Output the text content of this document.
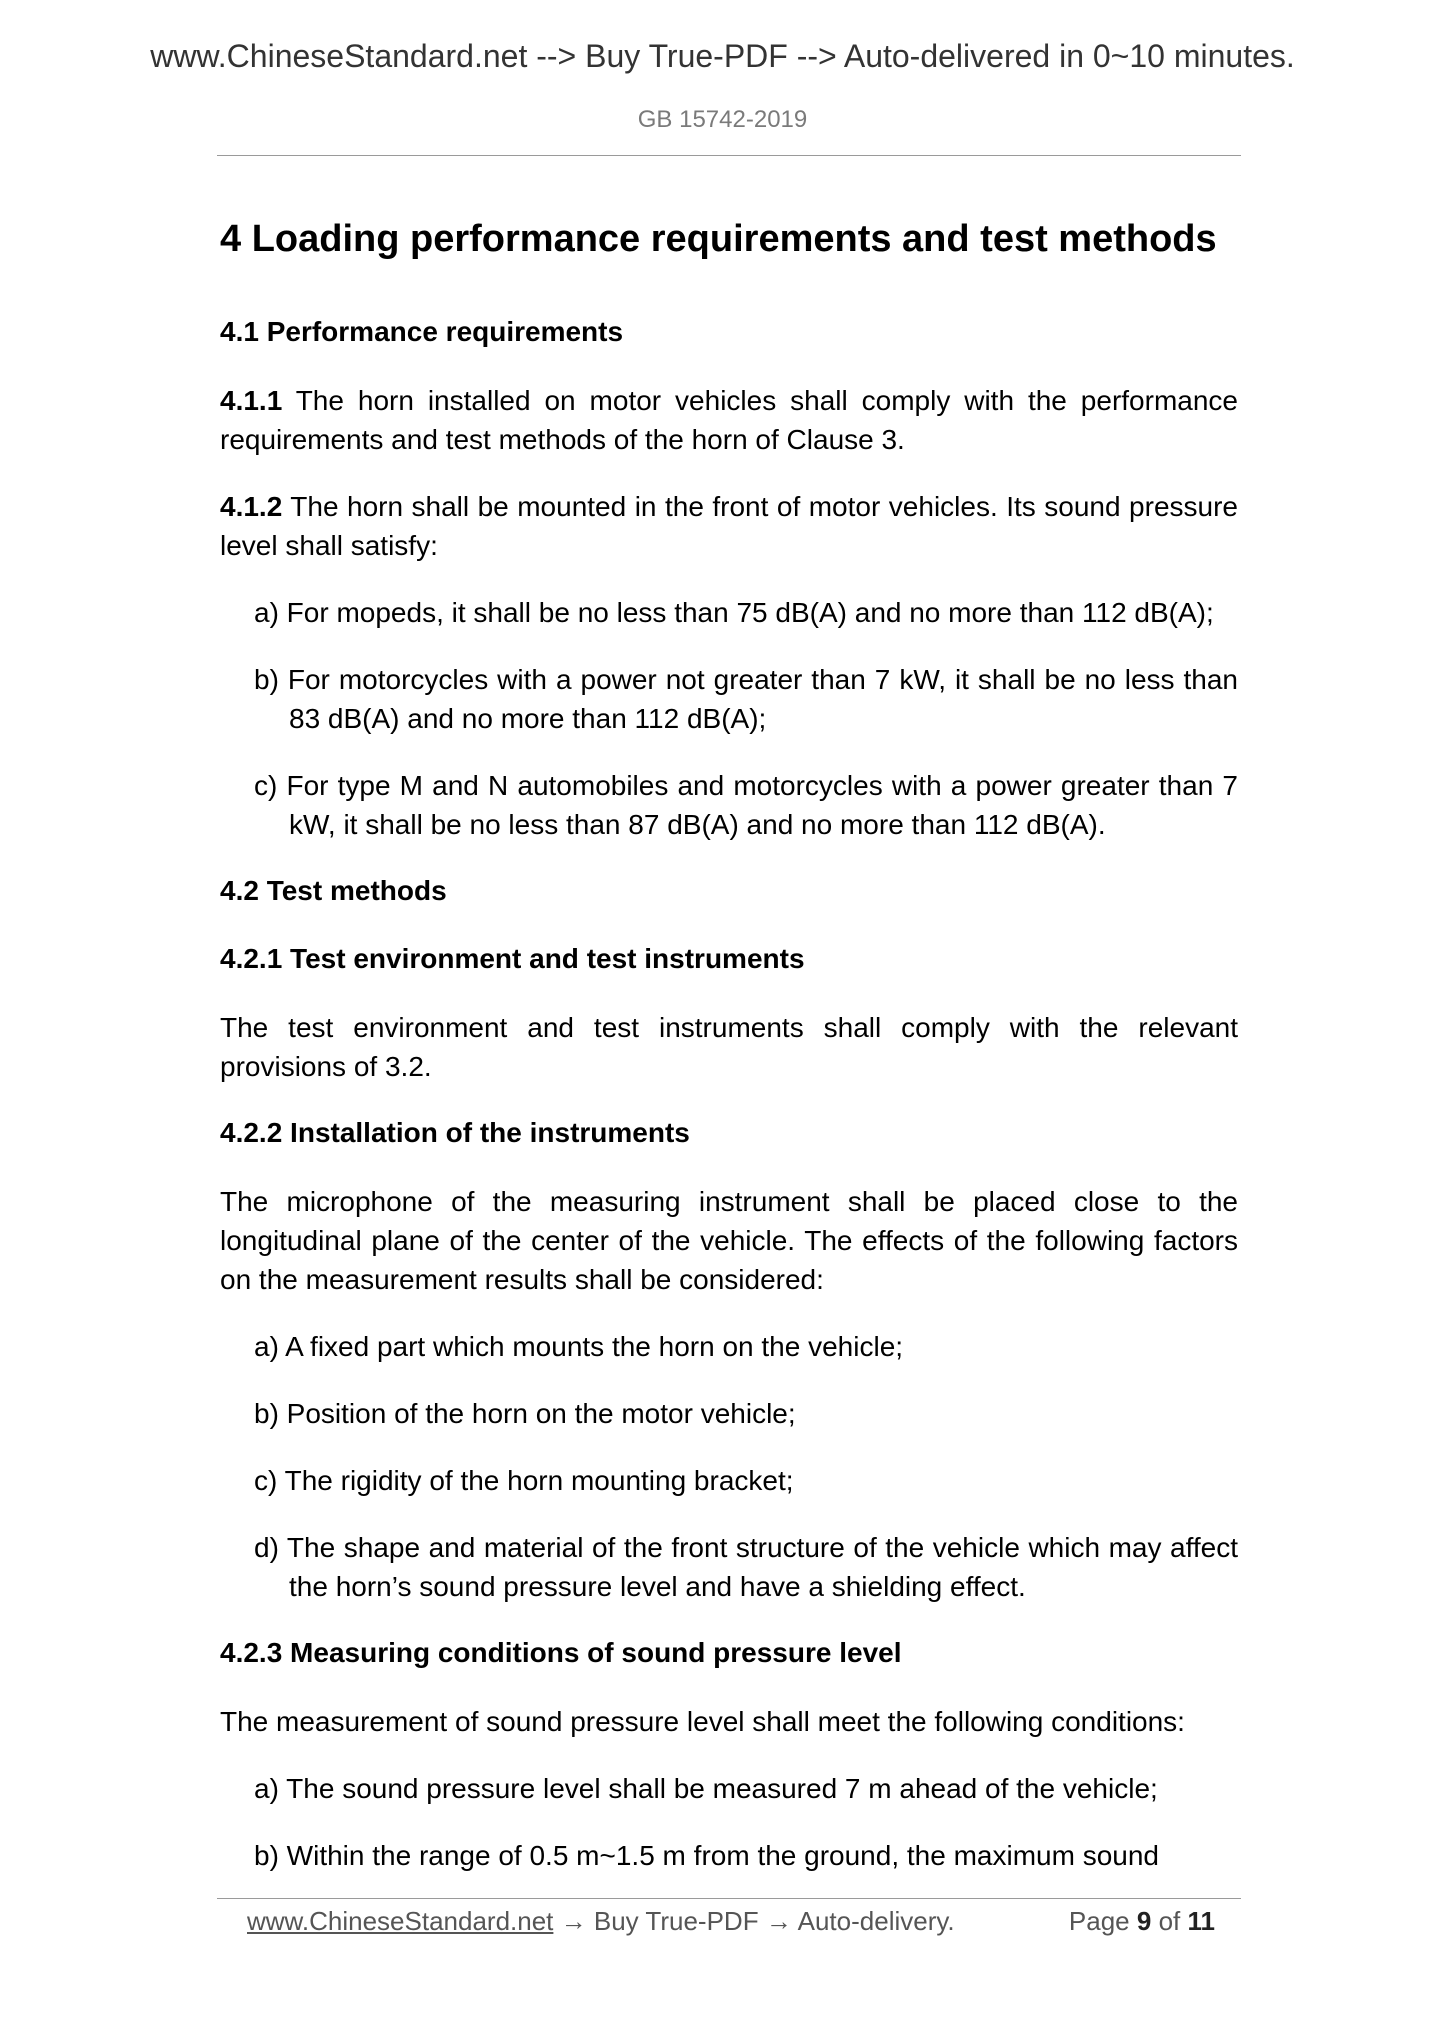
www.ChineseStandard.net --> Buy True-PDF --> Auto-delivered in 0~10 minutes.
GB 15742-2019
4 Loading performance requirements and test methods
4.1 Performance requirements

4.1.1 The horn installed on motor vehicles shall comply with the performance requirements and test methods of the horn of Clause 3.

4.1.2 The horn shall be mounted in the front of motor vehicles. Its sound pressure level shall satisfy:

a) For mopeds, it shall be no less than 75 dB(A) and no more than 112 dB(A);
b) For motorcycles with a power not greater than 7 kW, it shall be no less than 83 dB(A) and no more than 112 dB(A);
c) For type M and N automobiles and motorcycles with a power greater than 7 kW, it shall be no less than 87 dB(A) and no more than 112 dB(A).
4.2 Test methods
4.2.1 Test environment and test instruments

The test environment and test instruments shall comply with the relevant provisions of 3.2.

4.2.2 Installation of the instruments

The microphone of the measuring instrument shall be placed close to the longitudinal plane of the center of the vehicle. The effects of the following factors on the measurement results shall be considered:

a) A fixed part which mounts the horn on the vehicle;
b) Position of the horn on the motor vehicle;
c) The rigidity of the horn mounting bracket;
d) The shape and material of the front structure of the vehicle which may affect the horn’s sound pressure level and have a shielding effect.
4.2.3 Measuring conditions of sound pressure level

The measurement of sound pressure level shall meet the following conditions:

a) The sound pressure level shall be measured 7 m ahead of the vehicle;
b) Within the range of 0.5 m~1.5 m from the ground, the maximum sound
www.ChineseStandard.net → Buy True-PDF → Auto-delivery.	Page 9 of 11
